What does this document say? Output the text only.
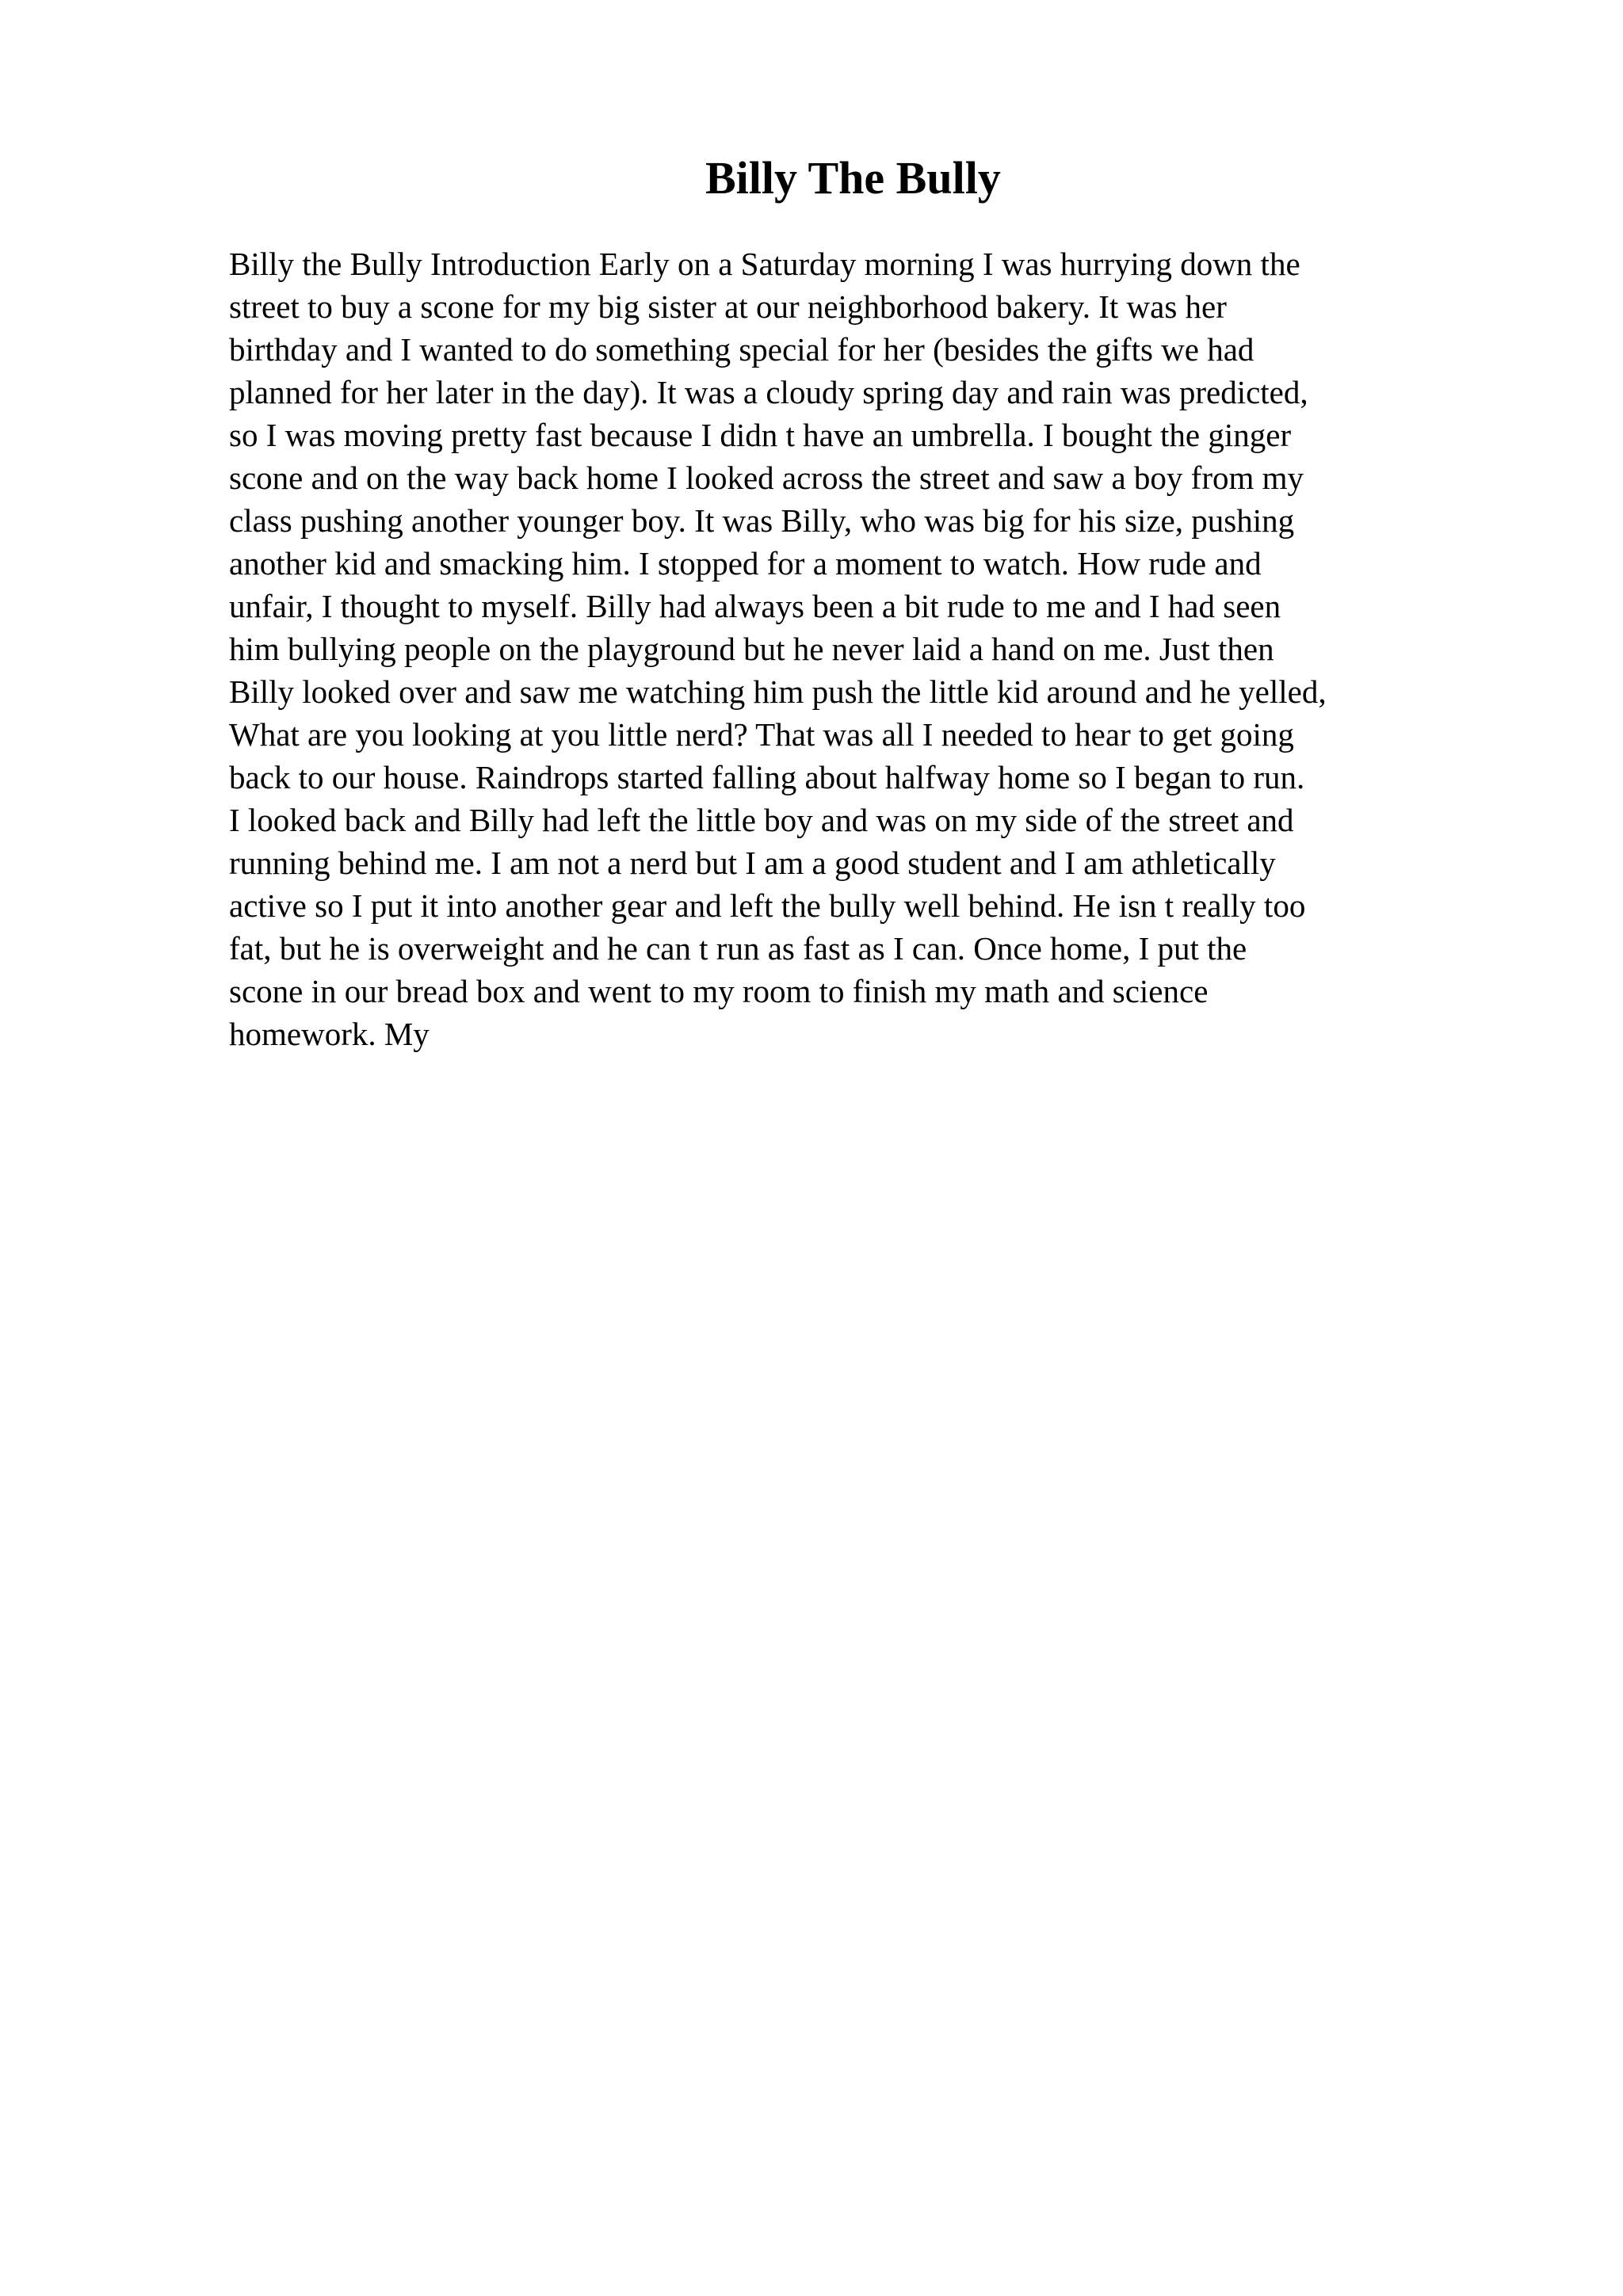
Billy The Bully
Billy the Bully Introduction Early on a Saturday morning I was hurrying down the
street to buy a scone for my big sister at our neighborhood bakery. It was her
birthday and I wanted to do something special for her (besides the gifts we had
planned for her later in the day). It was a cloudy spring day and rain was predicted,
so I was moving pretty fast because I didn t have an umbrella. I bought the ginger
scone and on the way back home I looked across the street and saw a boy from my
class pushing another younger boy. It was Billy, who was big for his size, pushing
another kid and smacking him. I stopped for a moment to watch. How rude and
unfair, I thought to myself. Billy had always been a bit rude to me and I had seen
him bullying people on the playground but he never laid a hand on me. Just then
Billy looked over and saw me watching him push the little kid around and he yelled,
What are you looking at you little nerd? That was all I needed to hear to get going
back to our house. Raindrops started falling about halfway home so I began to run.
I looked back and Billy had left the little boy and was on my side of the street and
running behind me. I am not a nerd but I am a good student and I am athletically
active so I put it into another gear and left the bully well behind. He isn t really too
fat, but he is overweight and he can t run as fast as I can. Once home, I put the
scone in our bread box and went to my room to finish my math and science
homework. My
